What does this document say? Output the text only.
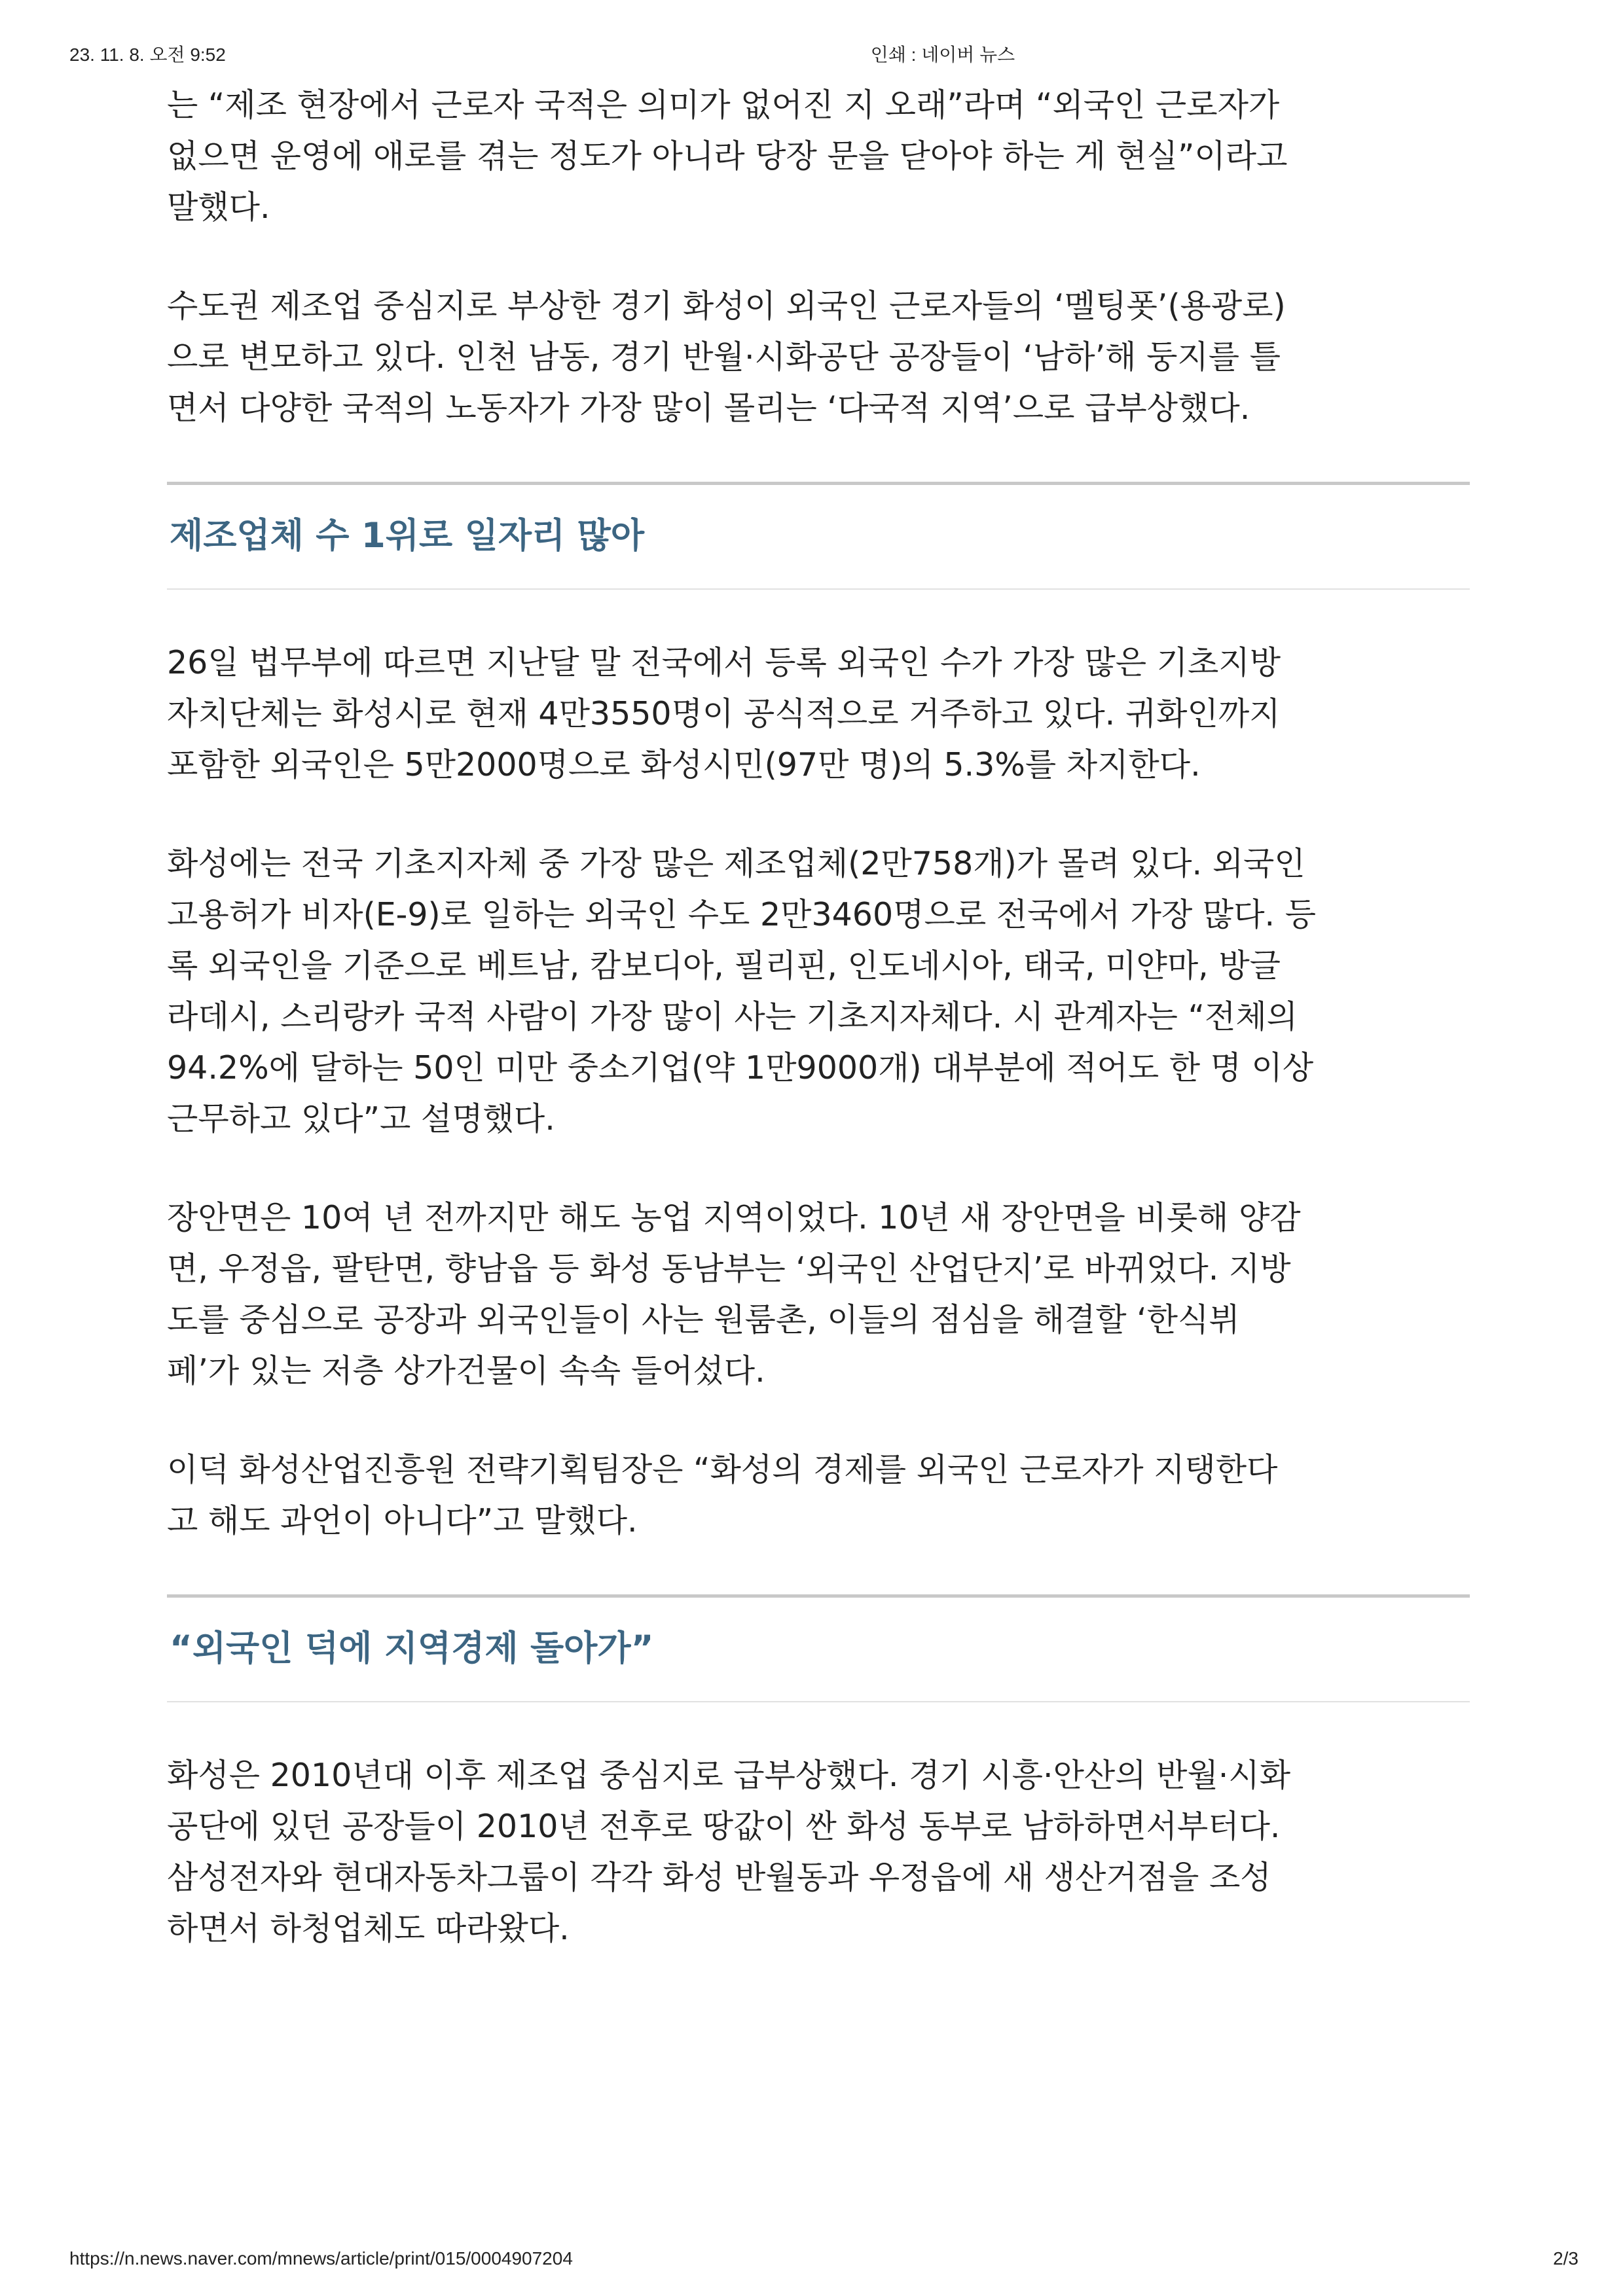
23. 11. 8. 오전 9:52	인쇄 : 네이버 뉴스

는 “제조 현장에서 근로자 국적은 의미가 없어진 지 오래”라며 “외국인 근로자가
없으면 운영에 애로를 겪는 정도가 아니라 당장 문을 닫아야 하는 게 현실”이라고
말했다.

수도권 제조업 중심지로 부상한 경기 화성이 외국인 근로자들의 ‘멜팅폿’(용광로)
으로 변모하고 있다. 인천 남동, 경기 반월·시화공단 공장들이 ‘남하’해 둥지를 틀
면서 다양한 국적의 노동자가 가장 많이 몰리는 ‘다국적 지역’으로 급부상했다.

제조업체 수 1위로 일자리 많아

26일 법무부에 따르면 지난달 말 전국에서 등록 외국인 수가 가장 많은 기초지방
자치단체는 화성시로 현재 4만3550명이 공식적으로 거주하고 있다. 귀화인까지
포함한 외국인은 5만2000명으로 화성시민(97만 명)의 5.3%를 차지한다.

화성에는 전국 기초지자체 중 가장 많은 제조업체(2만758개)가 몰려 있다. 외국인
고용허가 비자(E-9)로 일하는 외국인 수도 2만3460명으로 전국에서 가장 많다. 등
록 외국인을 기준으로 베트남, 캄보디아, 필리핀, 인도네시아, 태국, 미얀마, 방글
라데시, 스리랑카 국적 사람이 가장 많이 사는 기초지자체다. 시 관계자는 “전체의
94.2%에 달하는 50인 미만 중소기업(약 1만9000개) 대부분에 적어도 한 명 이상
근무하고 있다”고 설명했다.

장안면은 10여 년 전까지만 해도 농업 지역이었다. 10년 새 장안면을 비롯해 양감
면, 우정읍, 팔탄면, 향남읍 등 화성 동남부는 ‘외국인 산업단지’로 바뀌었다. 지방
도를 중심으로 공장과 외국인들이 사는 원룸촌, 이들의 점심을 해결할 ‘한식뷔
페’가 있는 저층 상가건물이 속속 들어섰다.

이덕 화성산업진흥원 전략기획팀장은 “화성의 경제를 외국인 근로자가 지탱한다
고 해도 과언이 아니다”고 말했다.

“외국인 덕에 지역경제 돌아가”

화성은 2010년대 이후 제조업 중심지로 급부상했다. 경기 시흥·안산의 반월·시화
공단에 있던 공장들이 2010년 전후로 땅값이 싼 화성 동부로 남하하면서부터다.
삼성전자와 현대자동차그룹이 각각 화성 반월동과 우정읍에 새 생산거점을 조성
하면서 하청업체도 따라왔다.

https://n.news.naver.com/mnews/article/print/015/0004907204	2/3
